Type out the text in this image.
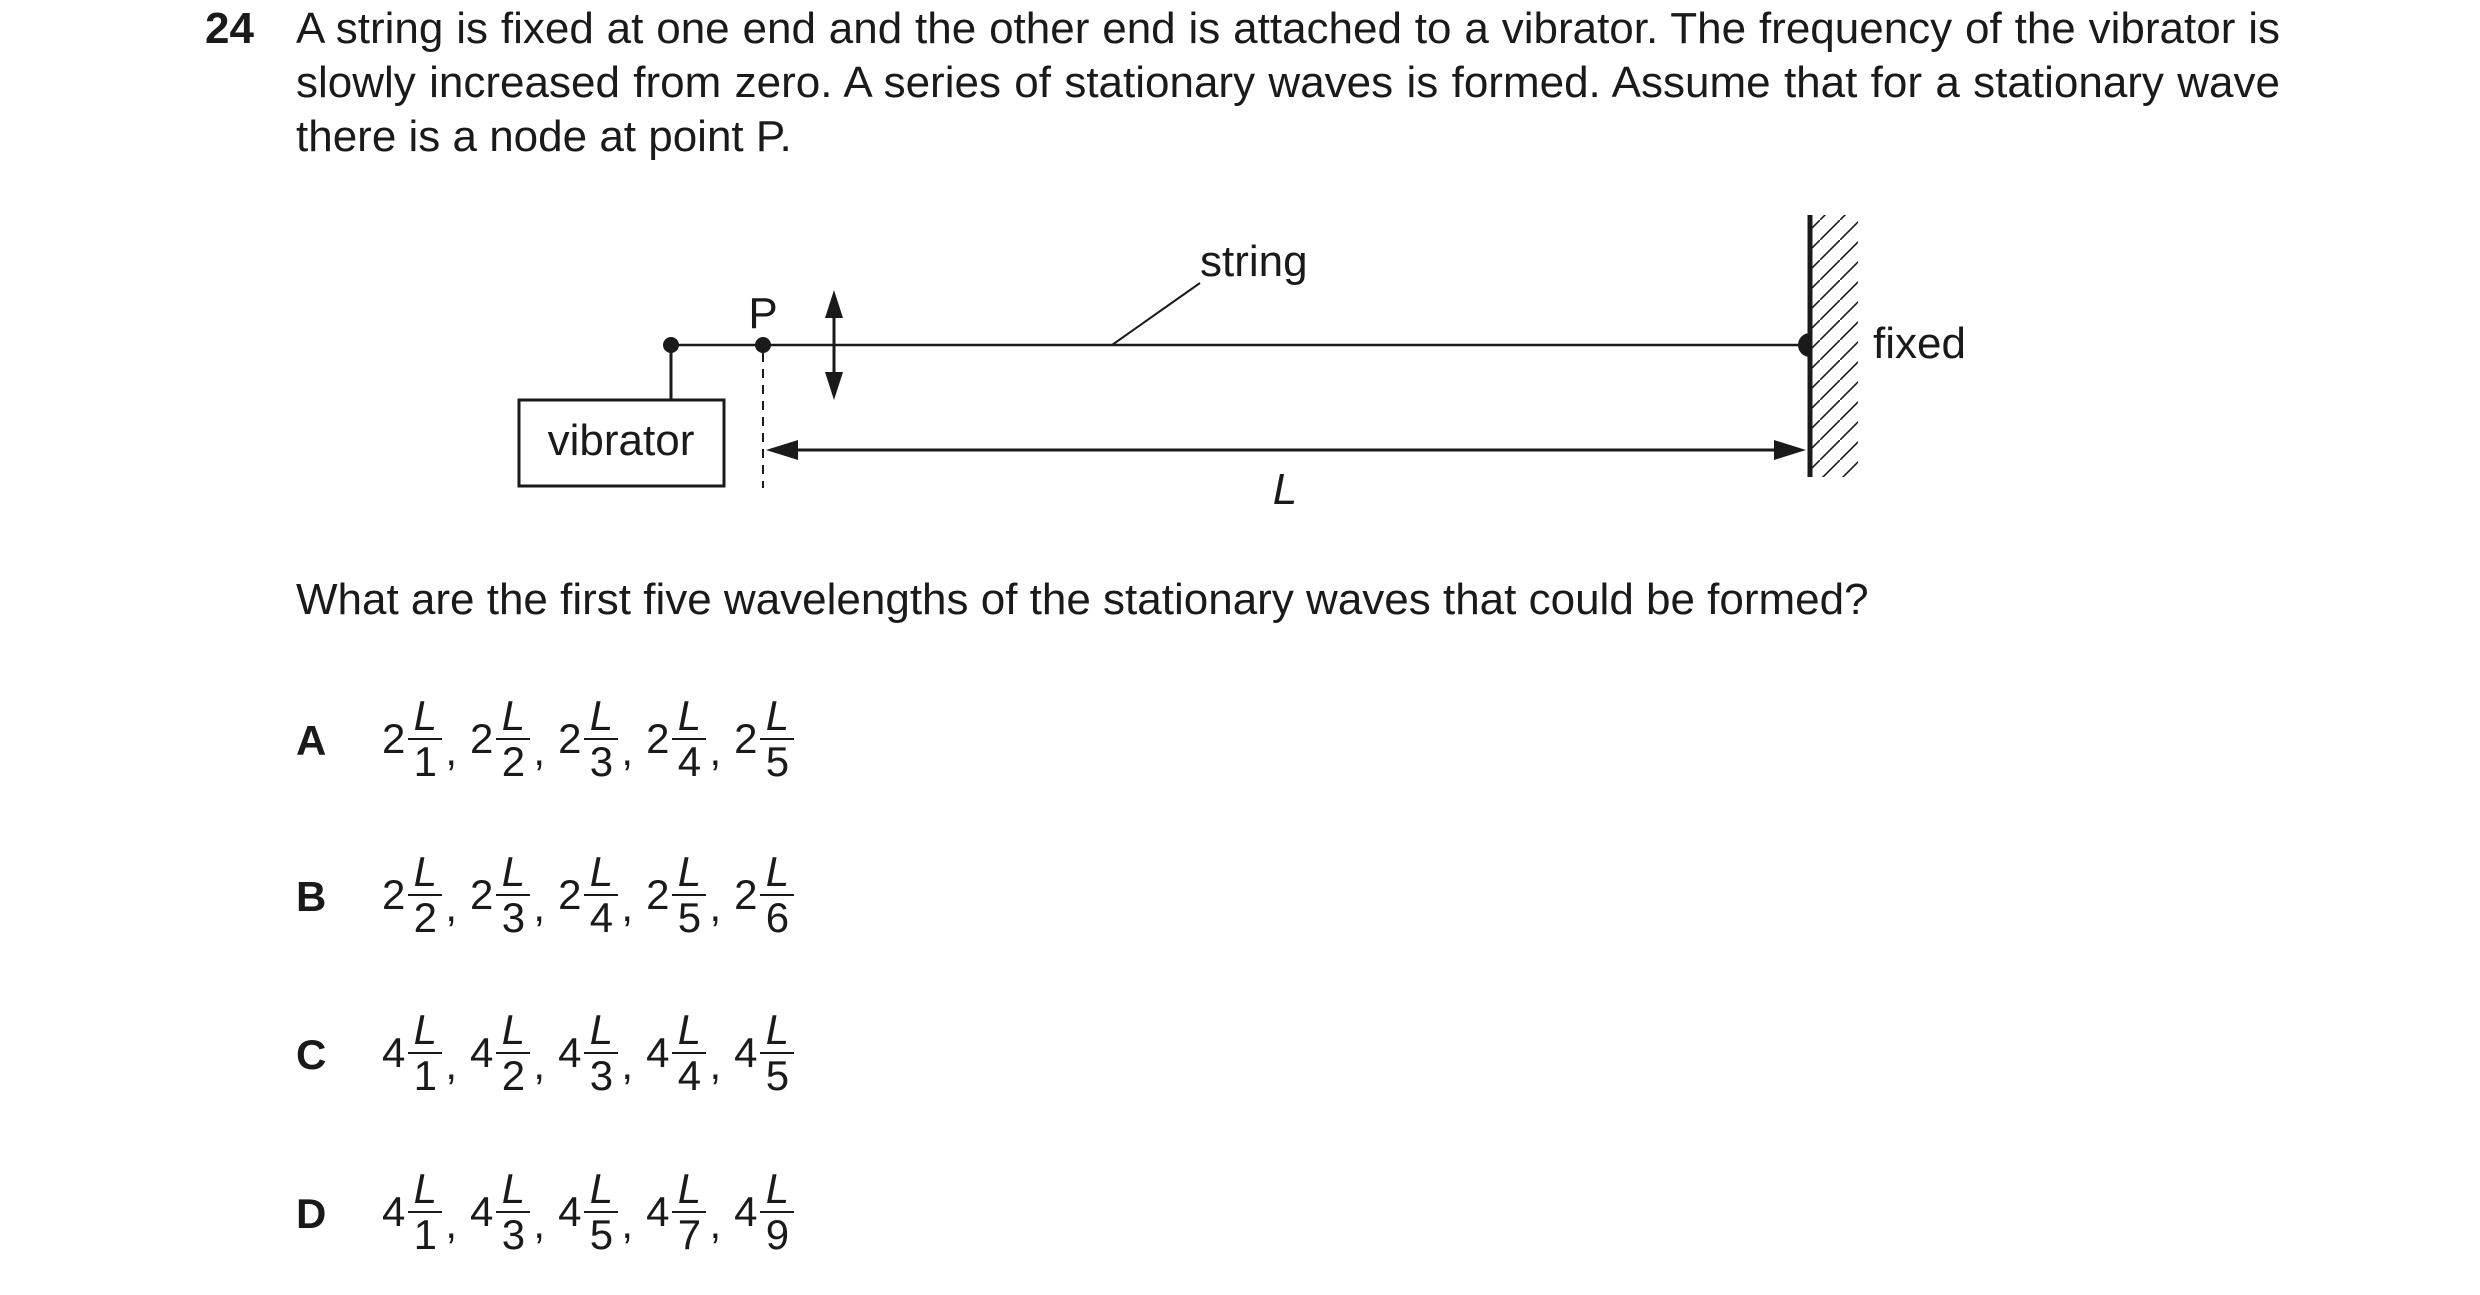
24 A string is fixed at one end and the other end is attached to a vibrator. The frequency of the vibrator is slowly increased from zero. A series of stationary waves is formed. Assume that for a stationary wave there is a node at point P.
vibrator
P
string
fixed
L
What are the first five wavelengths of the stationary waves that could be formed?
A $2 \frac{L}{1}$ , $2 \frac{L}{2}$ , $2 \frac{L}{3}$ , $2 \frac{L}{4}$ , $2 \frac{L}{5}$
B $2 \frac{L}{2}$ , $2 \frac{L}{3}$ , $2 \frac{L}{4}$ , $2 \frac{L}{5}$ , $2 \frac{L}{6}$
C $4 \frac{L}{1}$ , $4 \frac{L}{2}$ , $4 \frac{L}{3}$ , $4 \frac{L}{4}$ , $4 \frac{L}{5}$
D $4 \frac{L}{1}$ , $4 \frac{L}{3}$ , $4 \frac{L}{5}$ , $4 \frac{L}{7}$ , $4 \frac{L}{9}$
